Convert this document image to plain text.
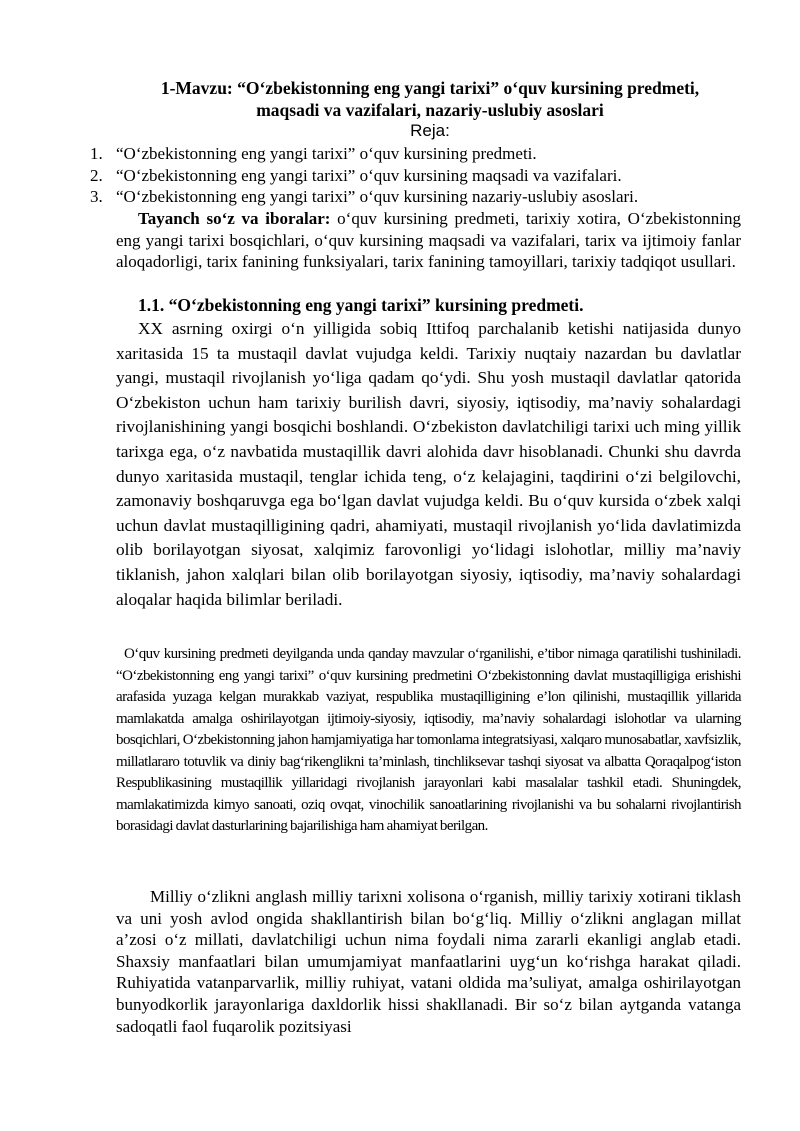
1-Mavzu: “O‘zbekistonning eng yangi tarixi” o‘quv kursining predmeti,
maqsadi va vazifalari, nazariy-uslubiy asoslari
Reja:
1. “O‘zbekistonning eng yangi tarixi” o‘quv kursining predmeti.
2. “O‘zbekistonning eng yangi tarixi” o‘quv kursining maqsadi va vazifalari.
3. “O‘zbekistonning eng yangi tarixi” o‘quv kursining nazariy-uslubiy asoslari.
Tayanch so‘z va iboralar: o‘quv kursining predmeti, tarixiy xotira, O‘zbekistonning eng yangi tarixi bosqichlari, o‘quv kursining maqsadi va vazifalari, tarix va ijtimoiy fanlar aloqadorligi, tarix fanining funksiyalari, tarix fanining tamoyillari, tarixiy tadqiqot usullari.
1.1. “O‘zbekistonning eng yangi tarixi” kursining predmeti.
XX asrning oxirgi o‘n yilligida sobiq Ittifoq parchalanib ketishi natijasida dunyo xaritasida 15 ta mustaqil davlat vujudga keldi. Tarixiy nuqtaiy nazardan bu davlatlar yangi, mustaqil rivojlanish yo‘liga qadam qo‘ydi. Shu yosh mustaqil davlatlar qatorida O‘zbekiston uchun ham tarixiy burilish davri, siyosiy, iqtisodiy, ma’naviy sohalardagi rivojlanishining yangi bosqichi boshlandi. O‘zbekiston davlatchiligi tarixi uch ming yillik tarixga ega, o‘z navbatida mustaqillik davri alohida davr hisoblanadi. Chunki shu davrda dunyo xaritasida mustaqil, tenglar ichida teng, o‘z kelajagini, taqdirini o‘zi belgilovchi, zamonaviy boshqaruvga ega bo‘lgan davlat vujudga keldi. Bu o‘quv kursida o‘zbek xalqi uchun davlat mustaqilligining qadri, ahamiyati, mustaqil rivojlanish yo‘lida davlatimizda olib borilayotgan siyosat, xalqimiz farovonligi yo‘lidagi islohotlar, milliy ma’naviy tiklanish, jahon xalqlari bilan olib borilayotgan siyosiy, iqtisodiy, ma’naviy sohalardagi aloqalar haqida bilimlar beriladi.
O‘quv kursining predmeti deyilganda unda qanday mavzular o‘rganilishi, e’tibor nimaga qaratilishi tushiniladi. “O‘zbekistonning eng yangi tarixi” o‘quv kursining predmetini O‘zbekistonning davlat mustaqilligiga erishishi arafasida yuzaga kelgan murakkab vaziyat, respublika mustaqilligining e’lon qilinishi, mustaqillik yillarida mamlakatda amalga oshirilayotgan ijtimoiy-siyosiy, iqtisodiy, ma’naviy sohalardagi islohotlar va ularning bosqichlari, O‘zbekistonning jahon hamjamiyatiga har tomonlama integratsiyasi, xalqaro munosabatlar, xavfsizlik, millatlararo totuvlik va diniy bag‘rikenglikni ta’minlash, tinchliksevar tashqi siyosat va albatta Qoraqalpog‘iston Respublikasining mustaqillik yillaridagi rivojlanish jarayonlari kabi masalalar tashkil etadi. Shuningdek, mamlakatimizda kimyo sanoati, oziq ovqat, vinochilik sanoatlarining rivojlanishi va bu sohalarni rivojlantirish borasidagi davlat dasturlarining bajarilishiga ham ahamiyat berilgan.
Milliy o‘zlikni anglash milliy tarixni xolisona o‘rganish, milliy tarixiy xotirani tiklash va uni yosh avlod ongida shakllantirish bilan bo‘g‘liq. Milliy o‘zlikni anglagan millat a’zosi o‘z millati, davlatchiligi uchun nima foydali nima zararli ekanligi anglab etadi. Shaxsiy manfaatlari bilan umumjamiyat manfaatlarini uyg‘un ko‘rishga harakat qiladi. Ruhiyatida vatanparvarlik, milliy ruhiyat, vatani oldida ma’suliyat, amalga oshirilayotgan bunyodkorlik jarayonlariga daxldorlik hissi shakllanadi. Bir so‘z bilan aytganda vatanga sadoqatli faol fuqarolik pozitsiyasi
